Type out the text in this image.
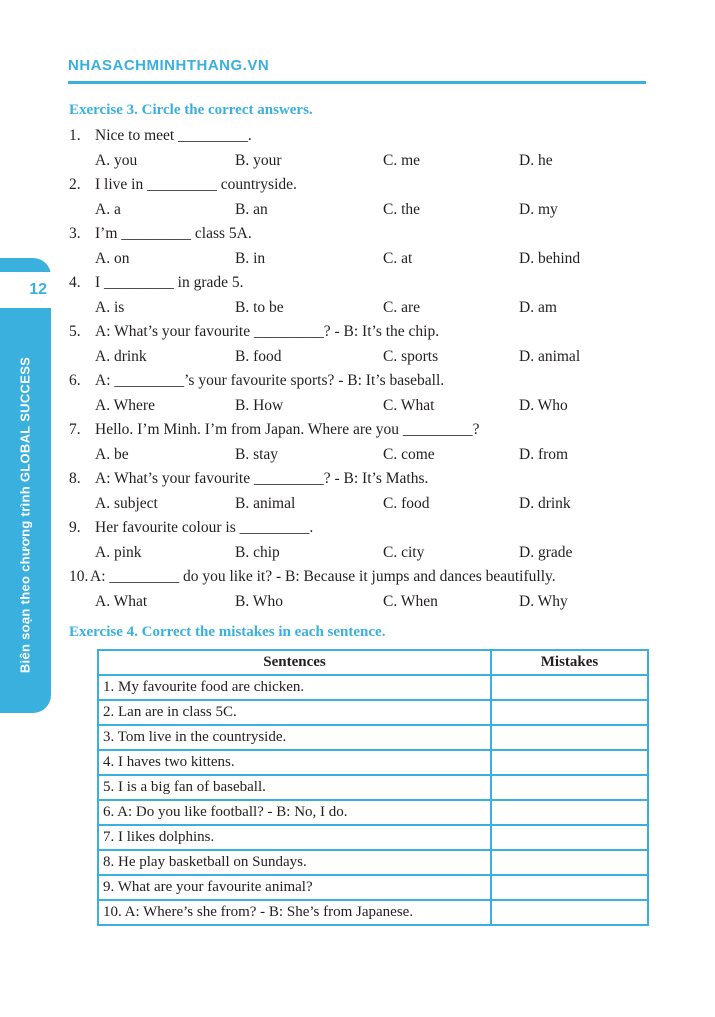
NHASACHMINHTHANG.VN
12
Biên soạn theo chương trình GLOBAL SUCCESS
Exercise 3. Circle the correct answers.
1. Nice to meet _________.
A. you	B. your	C. me	D. he
2. I live in _________ countryside.
A. a	B. an	C. the	D. my
3. I’m _________ class 5A.
A. on	B. in	C. at	D. behind
4. I _________ in grade 5.
A. is	B. to be	C. are	D. am
5. A: What’s your favourite _________? - B: It’s the chip.
A. drink	B. food	C. sports	D. animal
6. A: _________’s your favourite sports? - B: It’s baseball.
A. Where	B. How	C. What	D. Who
7. Hello. I’m Minh. I’m from Japan. Where are you _________?
A. be	B. stay	C. come	D. from
8. A: What’s your favourite _________? - B: It’s Maths.
A. subject	B. animal	C. food	D. drink
9. Her favourite colour is _________.
A. pink	B. chip	C. city	D. grade
10. A: _________ do you like it? - B: Because it jumps and dances beautifully.
A. What	B. Who	C. When	D. Why
Exercise 4. Correct the mistakes in each sentence.
Sentences	Mistakes
1. My favourite food are chicken.	
2. Lan are in class 5C.	
3. Tom live in the countryside.	
4. I haves two kittens.	
5. I is a big fan of baseball.	
6. A: Do you like football? - B: No, I do.	
7. I likes dolphins.	
8. He play basketball on Sundays.	
9. What are your favourite animal?	
10. A: Where’s she from? - B: She’s from Japanese.	
